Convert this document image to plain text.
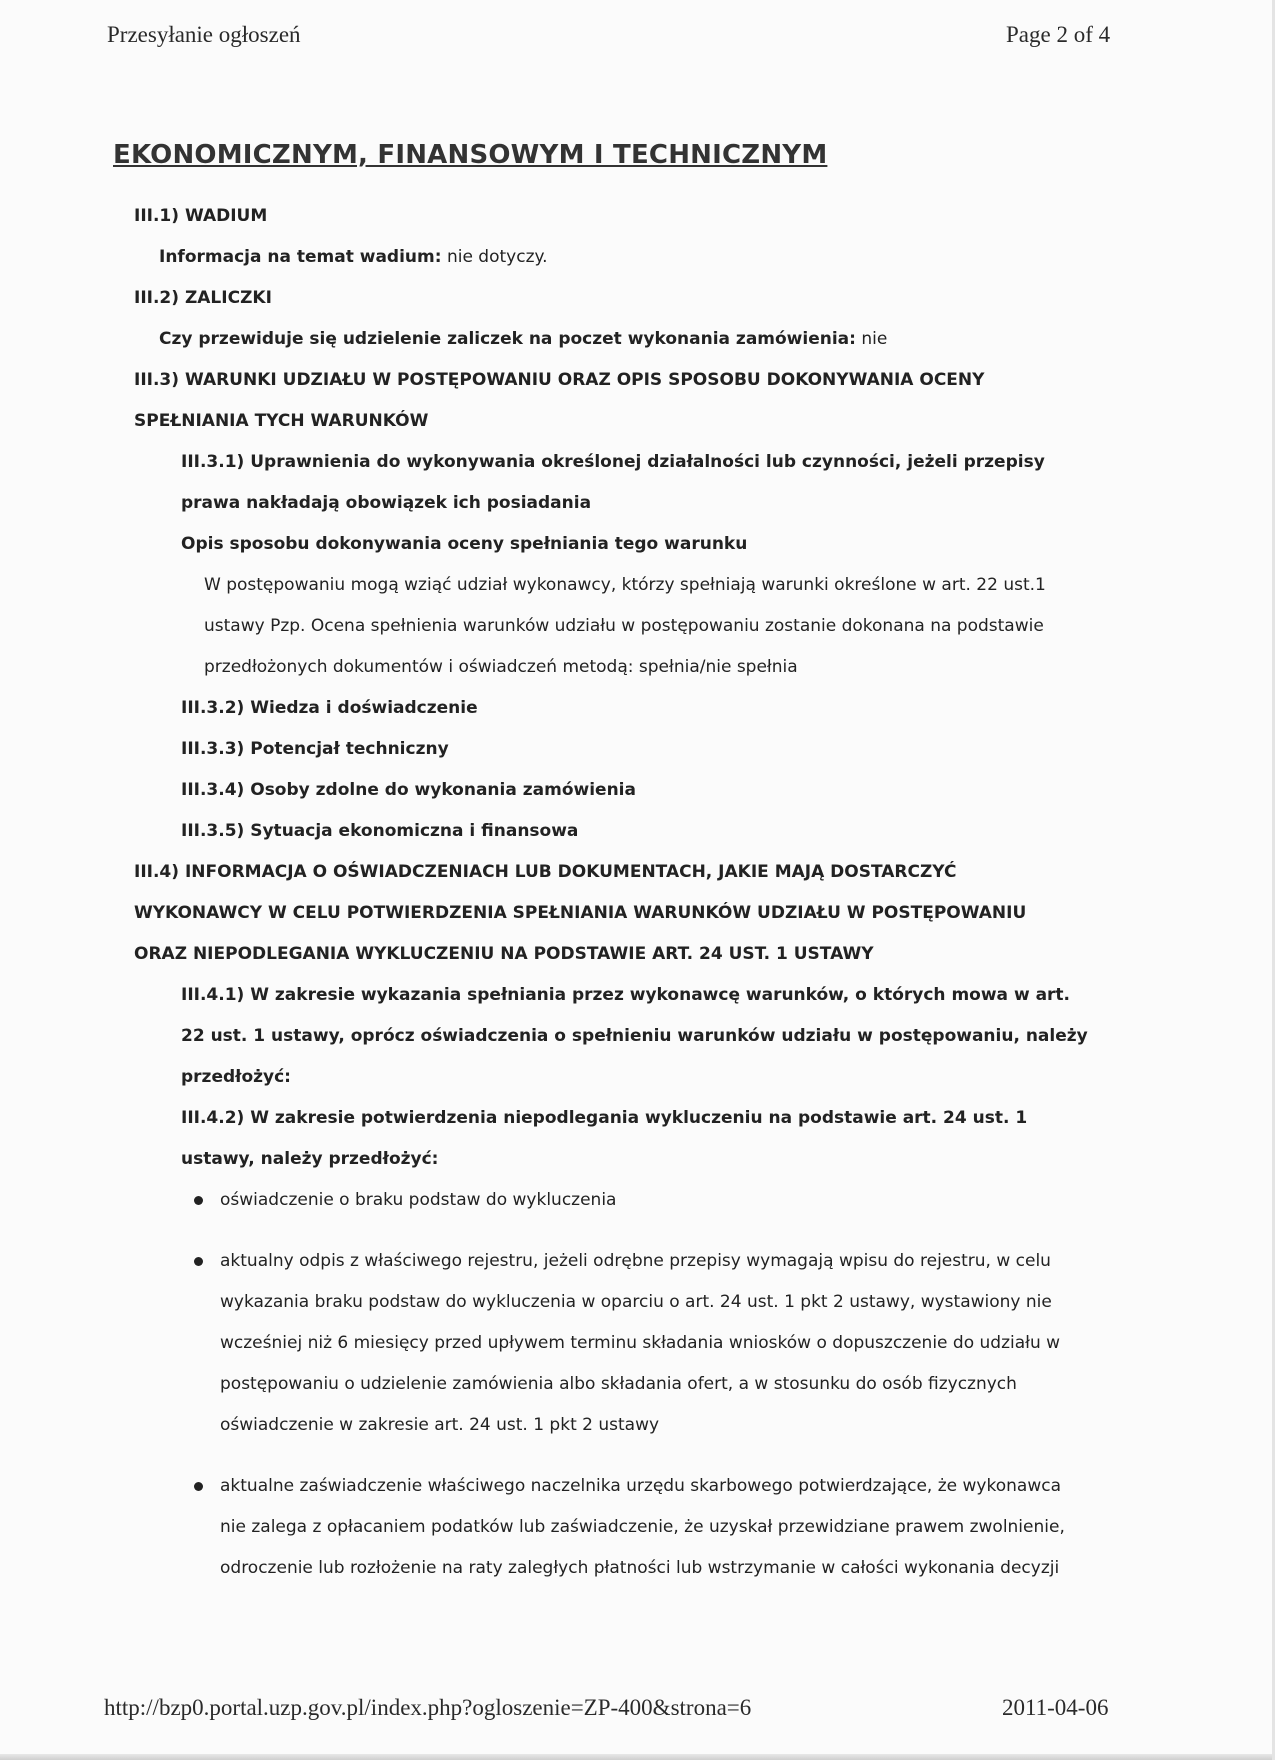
Przesyłanie ogłoszeń	Page 2 of 4
EKONOMICZNYM, FINANSOWYM I TECHNICZNYM
III.1) WADIUM
Informacja na temat wadium: nie dotyczy.
III.2) ZALICZKI
Czy przewiduje się udzielenie zaliczek na poczet wykonania zamówienia: nie
III.3) WARUNKI UDZIAŁU W POSTĘPOWANIU ORAZ OPIS SPOSOBU DOKONYWANIA OCENY
SPEŁNIANIA TYCH WARUNKÓW
III.3.1) Uprawnienia do wykonywania określonej działalności lub czynności, jeżeli przepisy
prawa nakładają obowiązek ich posiadania
Opis sposobu dokonywania oceny spełniania tego warunku
W postępowaniu mogą wziąć udział wykonawcy, którzy spełniają warunki określone w art. 22 ust.1
ustawy Pzp. Ocena spełnienia warunków udziału w postępowaniu zostanie dokonana na podstawie
przedłożonych dokumentów i oświadczeń metodą: spełnia/nie spełnia
III.3.2) Wiedza i doświadczenie
III.3.3) Potencjał techniczny
III.3.4) Osoby zdolne do wykonania zamówienia
III.3.5) Sytuacja ekonomiczna i finansowa
III.4) INFORMACJA O OŚWIADCZENIACH LUB DOKUMENTACH, JAKIE MAJĄ DOSTARCZYĆ
WYKONAWCY W CELU POTWIERDZENIA SPEŁNIANIA WARUNKÓW UDZIAŁU W POSTĘPOWANIU
ORAZ NIEPODLEGANIA WYKLUCZENIU NA PODSTAWIE ART. 24 UST. 1 USTAWY
III.4.1) W zakresie wykazania spełniania przez wykonawcę warunków, o których mowa w art.
22 ust. 1 ustawy, oprócz oświadczenia o spełnieniu warunków udziału w postępowaniu, należy
przedłożyć:
III.4.2) W zakresie potwierdzenia niepodlegania wykluczeniu na podstawie art. 24 ust. 1
ustawy, należy przedłożyć:
oświadczenie o braku podstaw do wykluczenia
aktualny odpis z właściwego rejestru, jeżeli odrębne przepisy wymagają wpisu do rejestru, w celu
wykazania braku podstaw do wykluczenia w oparciu o art. 24 ust. 1 pkt 2 ustawy, wystawiony nie
wcześniej niż 6 miesięcy przed upływem terminu składania wniosków o dopuszczenie do udziału w
postępowaniu o udzielenie zamówienia albo składania ofert, a w stosunku do osób fizycznych
oświadczenie w zakresie art. 24 ust. 1 pkt 2 ustawy
aktualne zaświadczenie właściwego naczelnika urzędu skarbowego potwierdzające, że wykonawca
nie zalega z opłacaniem podatków lub zaświadczenie, że uzyskał przewidziane prawem zwolnienie,
odroczenie lub rozłożenie na raty zaległych płatności lub wstrzymanie w całości wykonania decyzji
http://bzp0.portal.uzp.gov.pl/index.php?ogloszenie=ZP-400&strona=6	2011-04-06
